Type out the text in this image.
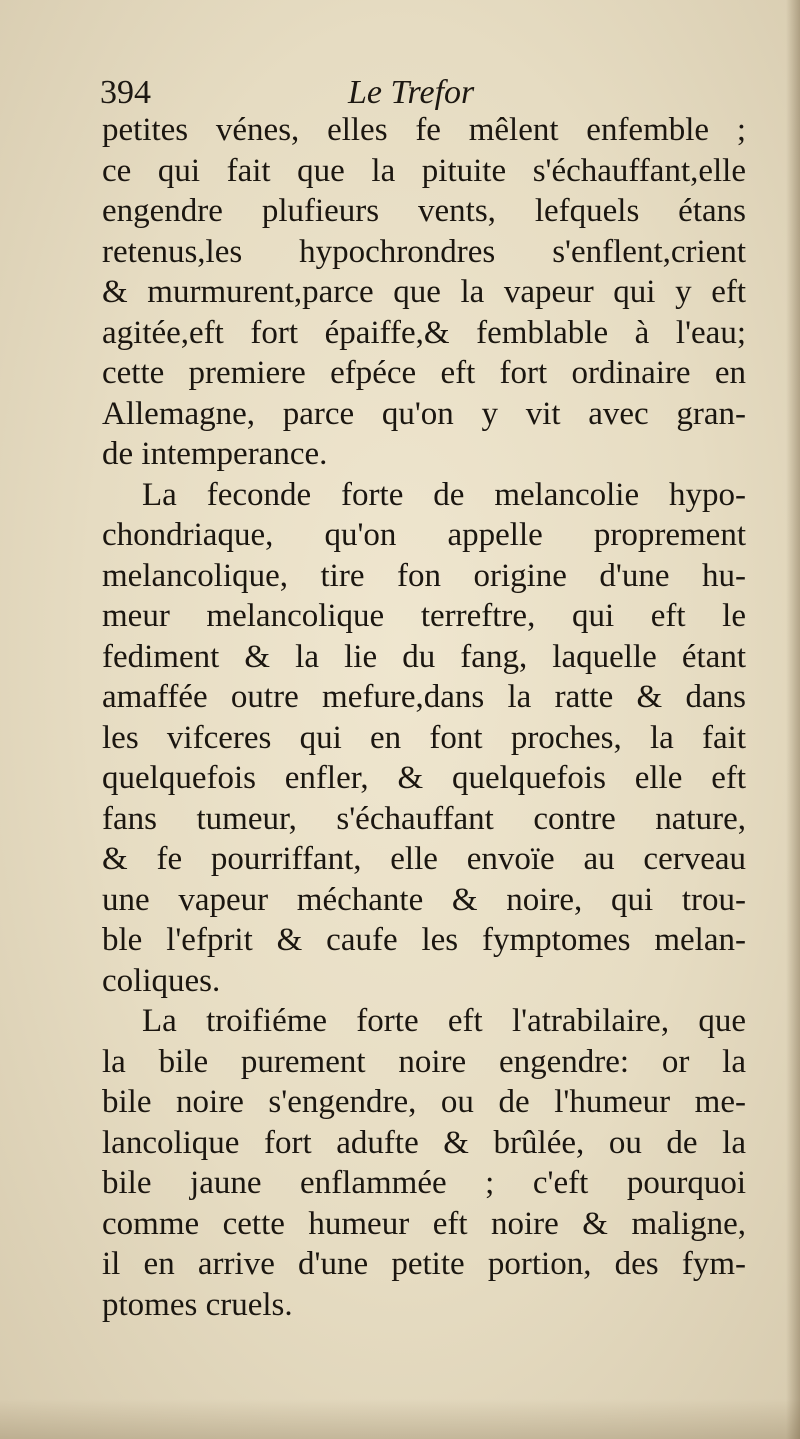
394	Le Trefor
petites vénes, elles fe mêlent enfemble ;
ce qui fait que la pituite s'échauffant,elle
engendre plufieurs vents, lefquels étans
retenus,les hypochrondres s'enflent,crient
& murmurent,parce que la vapeur qui y eft
agitée,eft fort épaiffe,& femblable à l'eau;
cette premiere efpéce eft fort ordinaire en
Allemagne, parce qu'on y vit avec gran-
de intemperance.
La feconde forte de melancolie hypo-
chondriaque, qu'on appelle proprement
melancolique, tire fon origine d'une hu-
meur melancolique terreftre, qui eft le
fediment & la lie du fang, laquelle étant
amaffée outre mefure,dans la ratte & dans
les vifceres qui en font proches, la fait
quelquefois enfler, & quelquefois elle eft
fans tumeur, s'échauffant contre nature,
& fe pourriffant, elle envoïe au cerveau
une vapeur méchante & noire, qui trou-
ble l'efprit & caufe les fymptomes melan-
coliques.
La troifiéme forte eft l'atrabilaire, que
la bile purement noire engendre: or la
bile noire s'engendre, ou de l'humeur me-
lancolique fort adufte & brûlée, ou de la
bile jaune enflammée ; c'eft pourquoi
comme cette humeur eft noire & maligne,
il en arrive d'une petite portion, des fym-
ptomes cruels.
